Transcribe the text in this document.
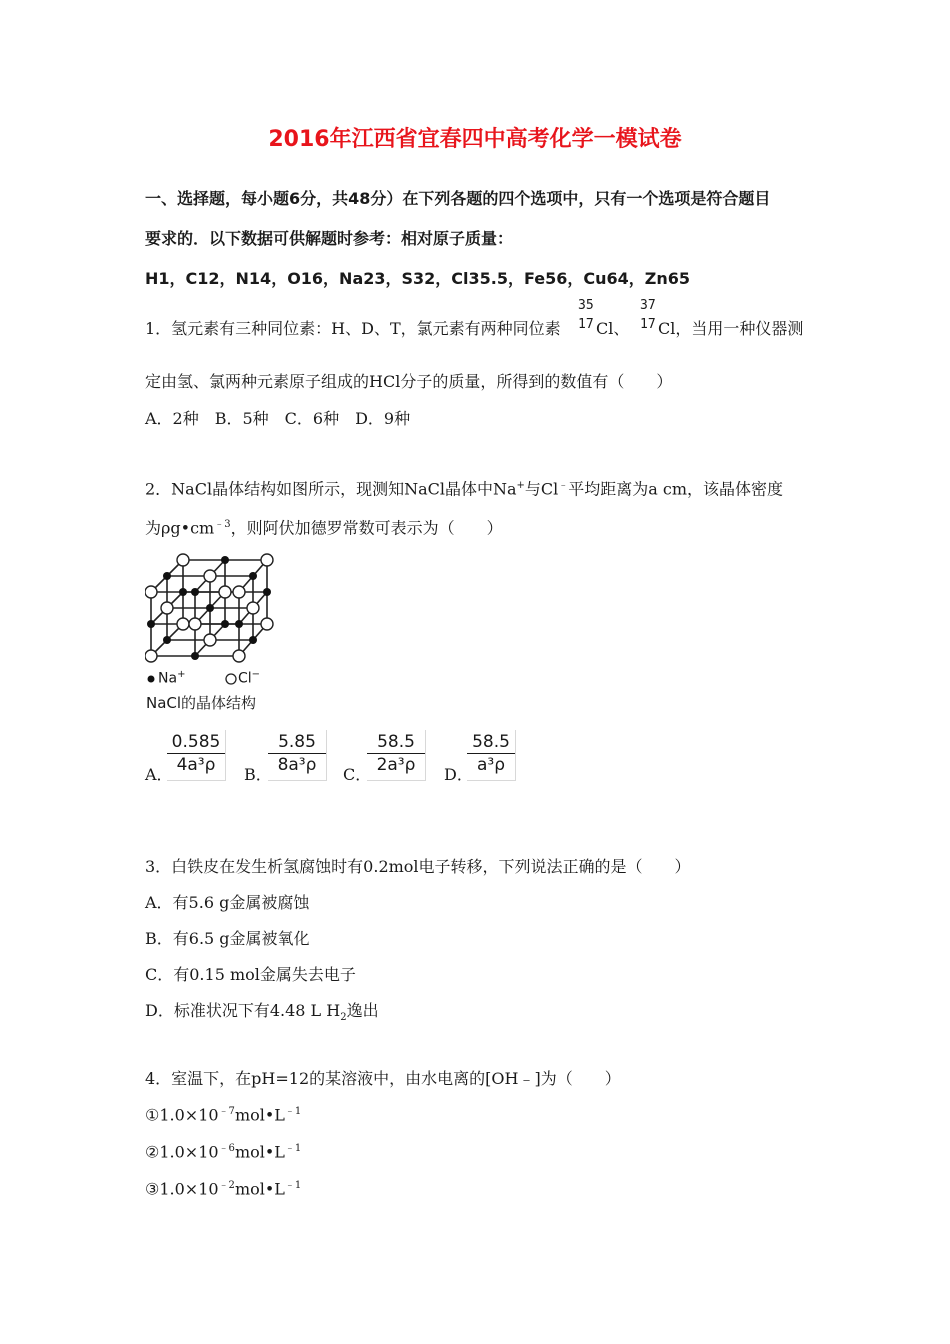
2016年江西省宜春四中高考化学一模试卷
一、选择题，每小题6分，共48分）在下列各题的四个选项中，只有一个选项是符合题目
要求的．以下数据可供解题时参考：相对原子质量：
H1，C12，N14，O16，Na23，S32，Cl35.5，Fe56，Cu64，Zn65
1．氢元素有三种同位素：H、D、T，氯元素有两种同位素
35
17 Cl、
37
17 Cl，当用一种仪器测
定由氢、氯两种元素原子组成的HCl分子的质量，所得到的数值有（　　）
A．2种　B．5种　C．6种　D．9种
2．NaCl晶体结构如图所示，现测知NaCl晶体中Na+与Cl﹣平均距离为a cm，该晶体密度
为$\rho g•cm^{﹣3}$，则阿伏加德罗常数可表示为（　　）
Na+	Cl−
NaCl的晶体结构
A．
$\frac{0.585}{\text{4a³ρ}}$ B．
$\frac{5.85}{\text{8a³ρ}}$ C．
$\frac{58.5}{\text{2a³ρ}}$ D．
$\frac{58.5}{\text{a³ρ}}$
3．白铁皮在发生析氢腐蚀时有0.2mol电子转移，下列说法正确的是（　　）
A．有5.6 g金属被腐蚀
B．有6.5 g金属被氧化
C．有0.15 mol金属失去电子
D．标准状况下有4.48 L $H_2$逸出
4．室温下，在pH=12的某溶液中，由水电离的[OH﹣]为（　　）
$①1.0\times 10^{﹣7}mol•L^{﹣1}$
$②1.0\times 10^{﹣6}mol•L^{﹣1}$
$③1.0\times 10^{﹣2}mol•L^{﹣1}$
